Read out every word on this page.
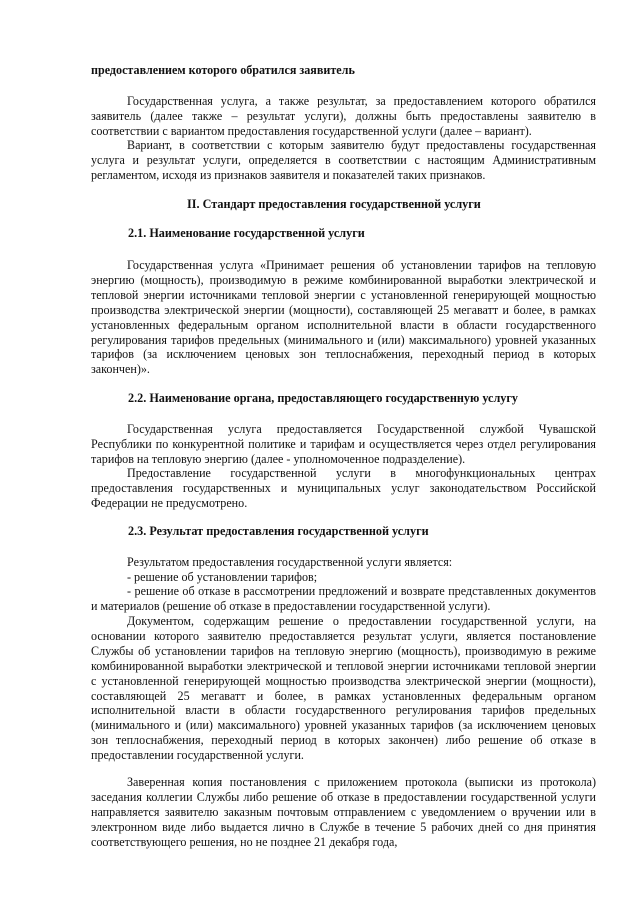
предоставлением которого обратился заявитель

Государственная услуга, а также результат, за предоставлением которого обратился заявитель (далее также – результат услуги), должны быть предоставлены заявителю в соответствии с вариантом предоставления государственной услуги (далее – вариант).

Вариант, в соответствии с которым заявителю будут предоставлены государственная услуга и результат услуги, определяется в соответствии с настоящим Административным регламентом, исходя из признаков заявителя и показателей таких признаков.

II. Стандарт предоставления государственной услуги

2.1. Наименование государственной услуги

Государственная услуга «Принимает решения об установлении тарифов на тепловую энергию (мощность), производимую в режиме комбинированной выработки электрической и тепловой энергии источниками тепловой энергии с установленной генерирующей мощностью производства электрической энергии (мощности), составляющей 25 мегаватт и более, в рамках установленных федеральным органом исполнительной власти в области государственного регулирования тарифов предельных (минимального и (или) максимального) уровней указанных тарифов (за исключением ценовых зон теплоснабжения, переходный период в которых закончен)».

2.2. Наименование органа, предоставляющего государственную услугу

Государственная услуга предоставляется Государственной службой Чувашской Республики по конкурентной политике и тарифам и осуществляется через отдел регулирования тарифов на тепловую энергию (далее - уполномоченное подразделение).

Предоставление государственной услуги в многофункциональных центрах предоставления государственных и муниципальных услуг законодательством Российской Федерации не предусмотрено.

2.3. Результат предоставления государственной услуги

Результатом предоставления государственной услуги является:

- решение об установлении тарифов;

- решение об отказе в рассмотрении предложений и возврате представленных документов и материалов (решение об отказе в предоставлении государственной услуги).

Документом, содержащим решение о предоставлении государственной услуги, на основании которого заявителю предоставляется результат услуги, является постановление Службы об установлении тарифов на тепловую энергию (мощность), производимую в режиме комбинированной выработки электрической и тепловой энергии источниками тепловой энергии с установленной генерирующей мощностью производства электрической энергии (мощности), составляющей 25 мегаватт и более, в рамках установленных федеральным органом исполнительной власти в области государственного регулирования тарифов предельных (минимального и (или) максимального) уровней указанных тарифов (за исключением ценовых зон теплоснабжения, переходный период в которых закончен) либо решение об отказе в предоставлении государственной услуги.

Заверенная копия постановления с приложением протокола (выписки из протокола) заседания коллегии Службы либо решение об отказе в предоставлении государственной услуги направляется заявителю заказным почтовым отправлением с уведомлением о вручении или в электронном виде либо выдается лично в Службе в течение 5 рабочих дней со дня принятия соответствующего решения, но не позднее 21 декабря года,
